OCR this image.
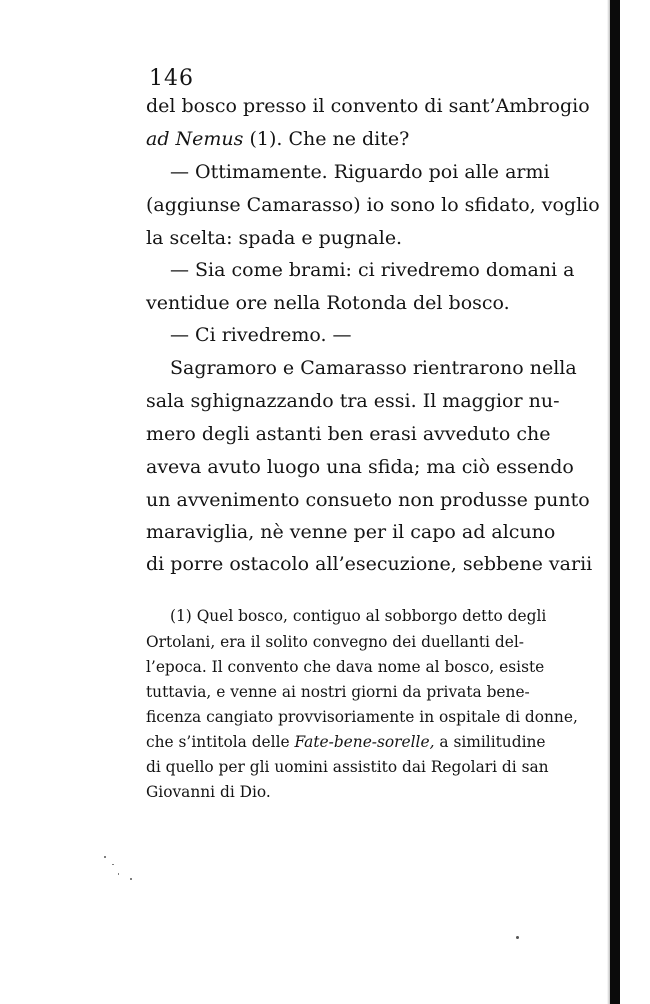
146

del bosco presso il convento di sant’Ambrogio

ad Nemus (1). Che ne dite?

— Ottimamente. Riguardo poi alle armi

(aggiunse Camarasso) io sono lo sfidato, voglio

la scelta: spada e pugnale.

— Sia come brami: ci rivedremo domani a

ventidue ore nella Rotonda del bosco.

— Ci rivedremo. —

Sagramoro e Camarasso rientrarono nella

sala sghignazzando tra essi. Il maggior nu-

mero degli astanti ben erasi avveduto che

aveva avuto luogo una sfida; ma ciò essendo

un avvenimento consueto non produsse punto

maraviglia, nè venne per il capo ad alcuno

di porre ostacolo all’esecuzione, sebbene varii

(1) Quel bosco, contiguo al sobborgo detto degli

Ortolani, era il solito convegno dei duellanti del-

l’epoca. Il convento che dava nome al bosco, esiste

tuttavia, e venne ai nostri giorni da privata bene-

ficenza cangiato provvisoriamente in ospitale di donne,

che s’intitola delle Fate-bene-sorelle, a similitudine

di quello per gli uomini assistito dai Regolari di san

Giovanni di Dio.
